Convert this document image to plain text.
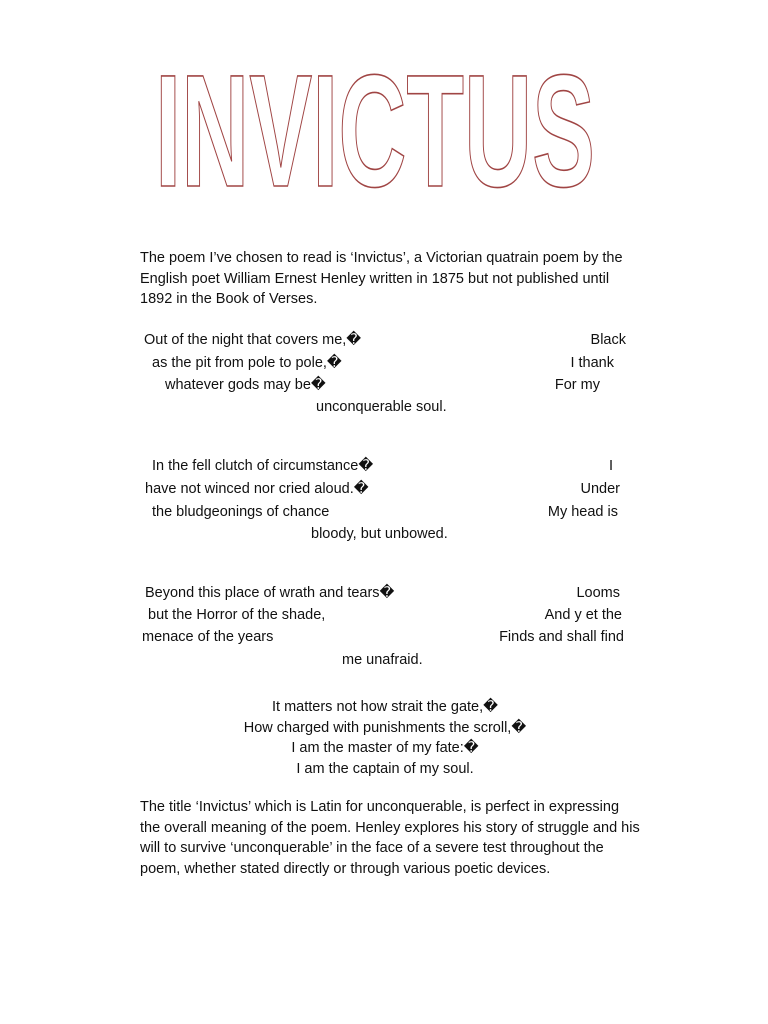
INVICTUS
The poem I’ve chosen to read is ‘Invictus’, a Victorian quatrain poem by the English poet William Ernest Henley written in 1875 but not published until 1892 in the Book of Verses.
Out of the night that covers me,�	Black
as the pit from pole to pole,�	I thank
whatever gods may be�	For my
unconquerable soul.
In the fell clutch of circumstance�	I
have not winced nor cried aloud.�	Under
the bludgeonings of chance	My head is
bloody, but unbowed.
Beyond this place of wrath and tears�	Looms
but the Horror of the shade,	And y et the
menace of the years	Finds and shall find
me unafraid.
It matters not how strait the gate,�
How charged with punishments the scroll,�
I am the master of my fate:�
I am the captain of my soul.
The title ‘Invictus’ which is Latin for unconquerable, is perfect in expressing the overall meaning of the poem. Henley explores his story of struggle and his will to survive ‘unconquerable’ in the face of a severe test throughout the poem, whether stated directly or through various poetic devices.
